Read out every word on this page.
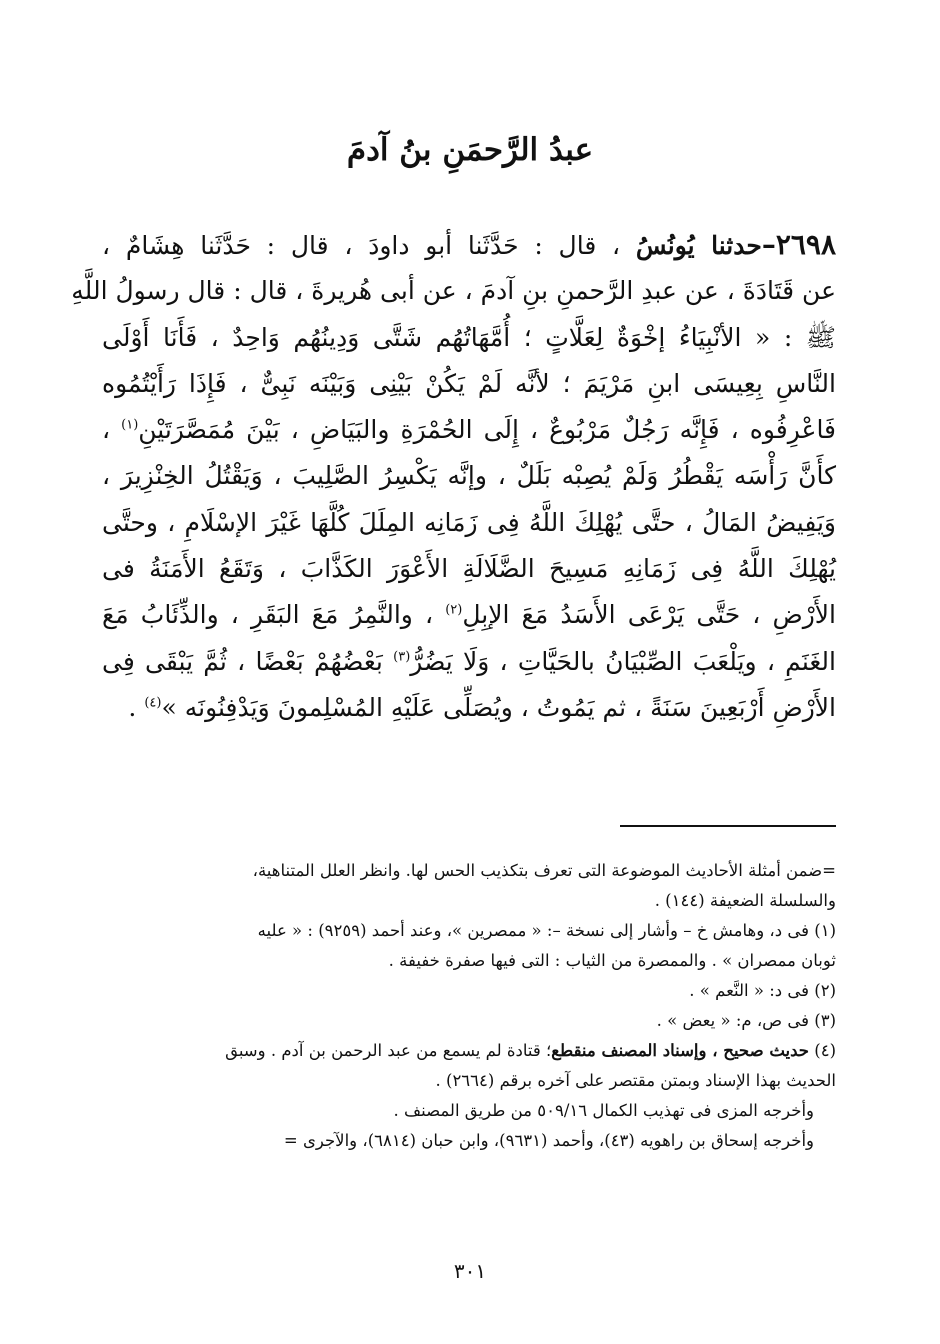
عبدُ الرَّحمَنِ بنُ آدمَ
٢٦٩٨–حدثنا يُونُسُ ، قال : حَدَّثَنا أبو داودَ ، قال : حَدَّثَنا هِشَامٌ ،
عن قَتَادَةَ ، عن عبدِ الرَّحمنِ بنِ آدمَ ، عن أبى هُريرةَ ، قال : قال رسولُ اللَّهِ
ﷺ : « الأنْبِيَاءُ إخْوَةٌ لِعَلَّاتٍ ؛ أُمَّهَاتُهُم شَتَّى وَدِينُهُم وَاحِدٌ ، فَأَنَا أَوْلَى
النَّاسِ بِعِيسَى ابنِ مَرْيَمَ ؛ لأنَّه لَمْ يَكُنْ بَيْنِى وَبَيْنَه نَبِىٌّ ، فَإِذَا رَأَيْتُمُوه
فَاعْرِفُوه ، فَإِنَّه رَجُلٌ مَرْبُوعٌ ، إِلَى الحُمْرَةِ والبَيَاضِ ، بَيْنَ مُمَصَّرَتَيْنِ$^{(١)}$ ،
كأَنَّ رَأْسَه يَقْطُرُ وَلَمْ يُصِبْه بَلَلٌ ، وإنَّه يَكْسِرُ الصَّلِيبَ ، وَيَقْتُلُ الخِنْزِيرَ ،
وَيَفِيضُ المَالُ ، حتَّى يُهْلِكَ اللَّهُ فِى زَمَانِه المِلَلَ كُلَّهَا غَيْرَ الإسْلَامِ ، وحتَّى
يُهْلِكَ اللَّهُ فِى زَمَانِهِ مَسِيحَ الضَّلَالَةِ الأَعْوَرَ الكَذَّابَ ، وَتَقَعُ الأَمَنَةُ فى
الأَرْضِ ، حَتَّى يَرْعَى الأَسَدُ مَعَ الإبِلِ$^{(٢)}$ ، والنَّمِرُ مَعَ البَقَرِ ، والذِّئَابُ مَعَ
الغَنَمِ ، ويَلْعَبَ الصِّبْيَانُ بالحَيَّاتِ ، وَلَا يَضُرُّ$^{(٣)}$ بَعْضُهُمْ بَعْضًا ، ثُمَّ يَبْقَى فِى
الأَرْضِ أَرْبَعِينَ سَنَةً ، ثم يَمُوتُ ، ويُصَلِّى عَلَيْهِ المُسْلِمونَ وَيَدْفِنُونَه »$^{(٤)}$ .
=ضمن أمثلة الأحاديث الموضوعة التى تعرف بتكذيب الحس لها. وانظر العلل المتناهية،
والسلسلة الضعيفة (١٤٤) .
(١) فى د، وهامش خ – وأشار إلى نسخة –: « ممصرين »، وعند أحمد (٩٢٥٩) : « عليه
ثوبان ممصران » . والممصرة من الثياب : التى فيها صفرة خفيفة .
(٢) فى د: « النَّعم » .
(٣) فى ص، م: « يعض » .
(٤) حديث صحيح ، وإسناد المصنف منقطع؛ قتادة لم يسمع من عبد الرحمن بن آدم . وسبق
الحديث بهذا الإسناد وبمتن مقتصر على آخره برقم (٢٦٦٤) .
وأخرجه المزى فى تهذيب الكمال ٥٠٩/١٦ من طريق المصنف .
وأخرجه إسحاق بن راهويه (٤٣)، وأحمد (٩٦٣١)، وابن حبان (٦٨١٤)، والآجرى =
٣٠١
